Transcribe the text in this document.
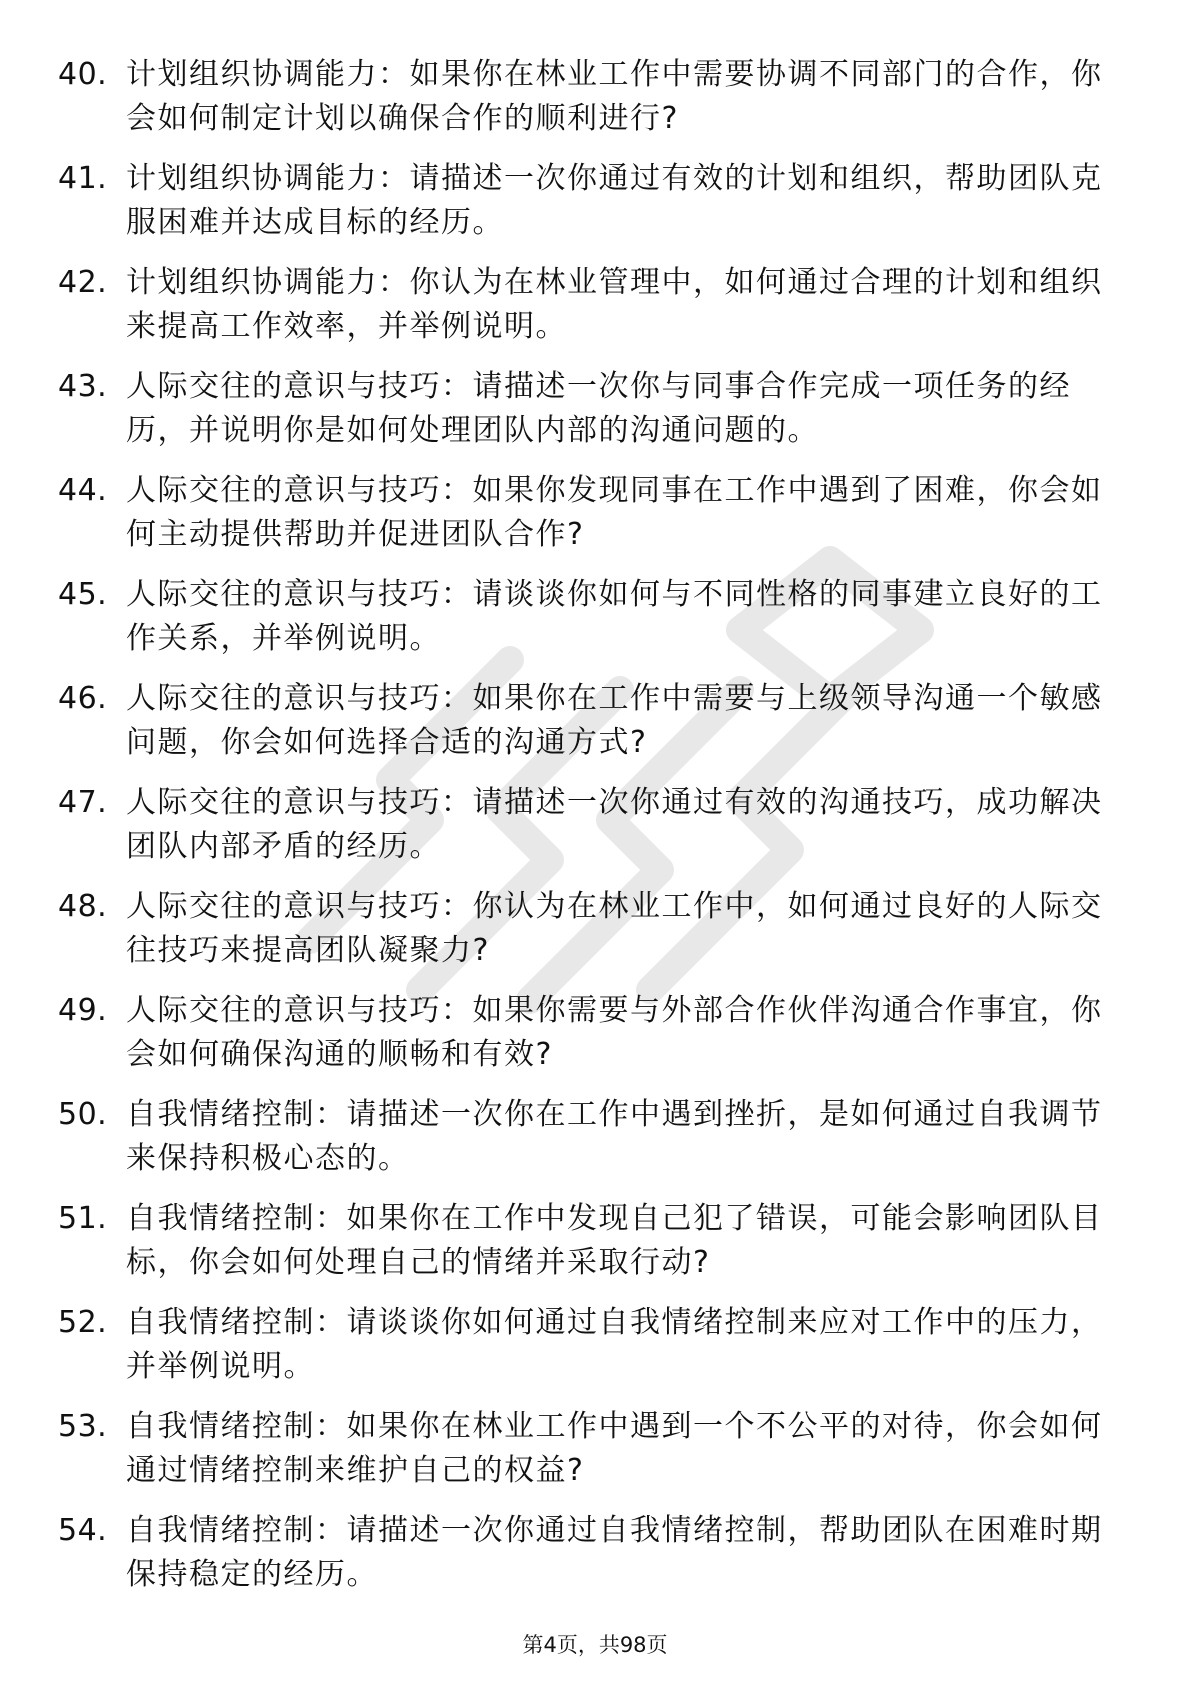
40. 计划组织协调能力：如果你在林业工作中需要协调不同部门的合作，你会如何制定计划以确保合作的顺利进行?
41. 计划组织协调能力：请描述一次你通过有效的计划和组织，帮助团队克服困难并达成目标的经历。
42. 计划组织协调能力：你认为在林业管理中，如何通过合理的计划和组织来提高工作效率，并举例说明。
43. 人际交往的意识与技巧：请描述一次你与同事合作完成一项任务的经历，并说明你是如何处理团队内部的沟通问题的。
44. 人际交往的意识与技巧：如果你发现同事在工作中遇到了困难，你会如何主动提供帮助并促进团队合作?
45. 人际交往的意识与技巧：请谈谈你如何与不同性格的同事建立良好的工作关系，并举例说明。
46. 人际交往的意识与技巧：如果你在工作中需要与上级领导沟通一个敏感问题，你会如何选择合适的沟通方式?
47. 人际交往的意识与技巧：请描述一次你通过有效的沟通技巧，成功解决团队内部矛盾的经历。
48. 人际交往的意识与技巧：你认为在林业工作中，如何通过良好的人际交往技巧来提高团队凝聚力?
49. 人际交往的意识与技巧：如果你需要与外部合作伙伴沟通合作事宜，你会如何确保沟通的顺畅和有效?
50. 自我情绪控制：请描述一次你在工作中遇到挫折，是如何通过自我调节来保持积极心态的。
51. 自我情绪控制：如果你在工作中发现自己犯了错误，可能会影响团队目标，你会如何处理自己的情绪并采取行动?
52. 自我情绪控制：请谈谈你如何通过自我情绪控制来应对工作中的压力，并举例说明。
53. 自我情绪控制：如果你在林业工作中遇到一个不公平的对待，你会如何通过情绪控制来维护自己的权益?
54. 自我情绪控制：请描述一次你通过自我情绪控制，帮助团队在困难时期保持稳定的经历。
第4页，共98页
